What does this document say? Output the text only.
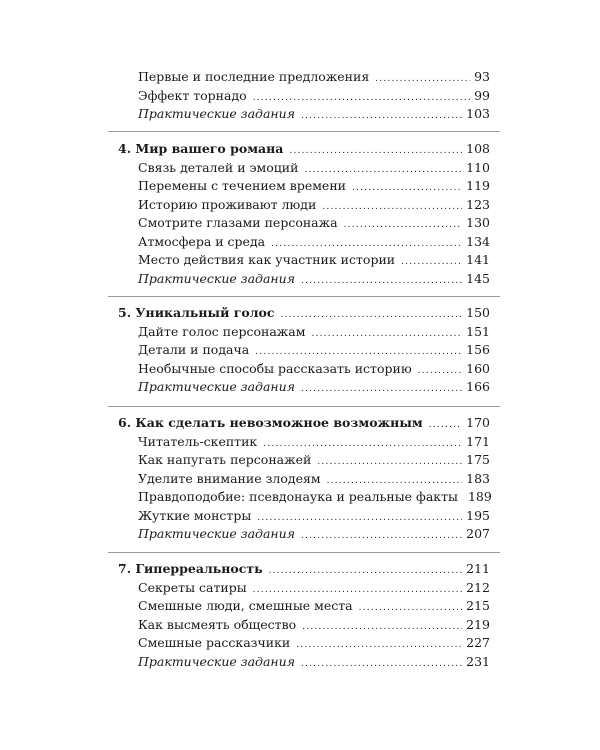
Первые и последние предложения .....	93
Эффект торнадо .....	99
Практические задания .....	103
4. Мир вашего романа .....	108
Связь деталей и эмоций .....	110
Перемены с течением времени .....	119
Историю проживают люди .....	123
Смотрите глазами персонажа .....	130
Атмосфера и среда .....	134
Место действия как участник истории .....	141
Практические задания .....	145
5. Уникальный голос .....	150
Дайте голос персонажам .....	151
Детали и подача .....	156
Необычные способы рассказать историю .....	160
Практические задания .....	166
6. Как сделать невозможное возможным .....	170
Читатель-скептик .....	171
Как напугать персонажей .....	175
Уделите внимание злодеям .....	183
Правдоподобие: псевдонаука и реальные факты 189
Жуткие монстры .....	195
Практические задания .....	207
7. Гиперреальность .....	211
Секреты сатиры .....	212
Смешные люди, смешные места .....	215
Как высмеять общество .....	219
Смешные рассказчики .....	227
Практические задания .....	231
